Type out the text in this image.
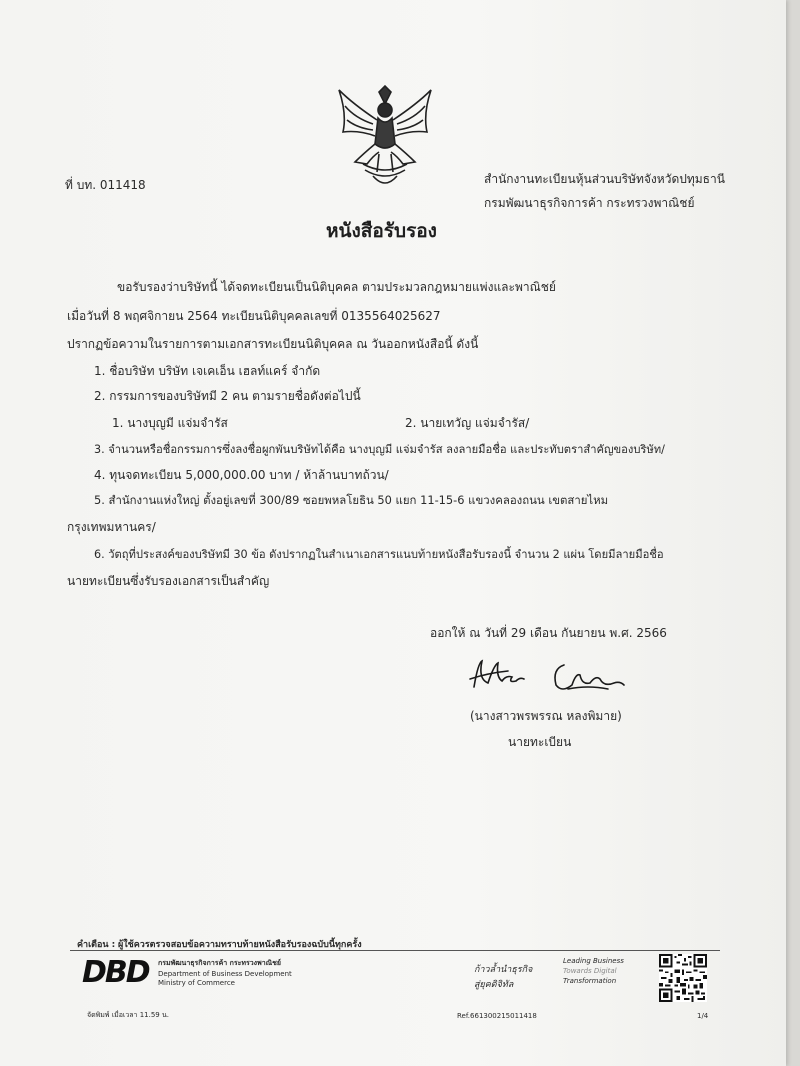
ที่ บท. 011418	สำนักงานทะเบียนหุ้นส่วนบริษัทจังหวัดปทุมธานี
กรมพัฒนาธุรกิจการค้า กระทรวงพาณิชย์
หนังสือรับรอง
ขอรับรองว่าบริษัทนี้ ได้จดทะเบียนเป็นนิติบุคคล ตามประมวลกฎหมายแพ่งและพาณิชย์
เมื่อวันที่ 8 พฤศจิกายน 2564 ทะเบียนนิติบุคคลเลขที่ 0135564025627
ปรากฏข้อความในรายการตามเอกสารทะเบียนนิติบุคคล ณ วันออกหนังสือนี้ ดังนี้
1. ชื่อบริษัท บริษัท เจเคเอ็น เฮลท์แคร์ จำกัด
2. กรรมการของบริษัทมี 2 คน ตามรายชื่อดังต่อไปนี้
1. นางบุญมี แจ่มจำรัส	2. นายเทวัญ แจ่มจำรัส/
3. จำนวนหรือชื่อกรรมการซึ่งลงชื่อผูกพันบริษัทได้คือ นางบุญมี แจ่มจำรัส ลงลายมือชื่อ และประทับตราสำคัญของบริษัท/
4. ทุนจดทะเบียน 5,000,000.00 บาท / ห้าล้านบาทถ้วน/
5. สำนักงานแห่งใหญ่ ตั้งอยู่เลขที่ 300/89 ซอยพหลโยธิน 50 แยก 11-15-6 แขวงคลองถนน เขตสายไหม
กรุงเทพมหานคร/
6. วัตถุที่ประสงค์ของบริษัทมี 30 ข้อ ดังปรากฏในสำเนาเอกสารแนบท้ายหนังสือรับรองนี้ จำนวน 2 แผ่น โดยมีลายมือชื่อ
นายทะเบียนซึ่งรับรองเอกสารเป็นสำคัญ
ออกให้ ณ วันที่ 29 เดือน กันยายน พ.ศ. 2566
(นางสาวพรพรรณ หลงพิมาย)
นายทะเบียน
คำเตือน : ผู้ใช้ควรตรวจสอบข้อความทราบท้ายหนังสือรับรองฉบับนี้ทุกครั้ง
DBD กรมพัฒนาธุรกิจการค้า กระทรวงพาณิชย์
Department of Business Development
Ministry of Commerce
ก้าวล้ำนำธุรกิจ
สู่ยุคดิจิทัล
Leading Business
Towards Digital
Transformation
จัดพิมพ์ เมื่อเวลา 11.59 น.	Ref.661300215011418	1/4
